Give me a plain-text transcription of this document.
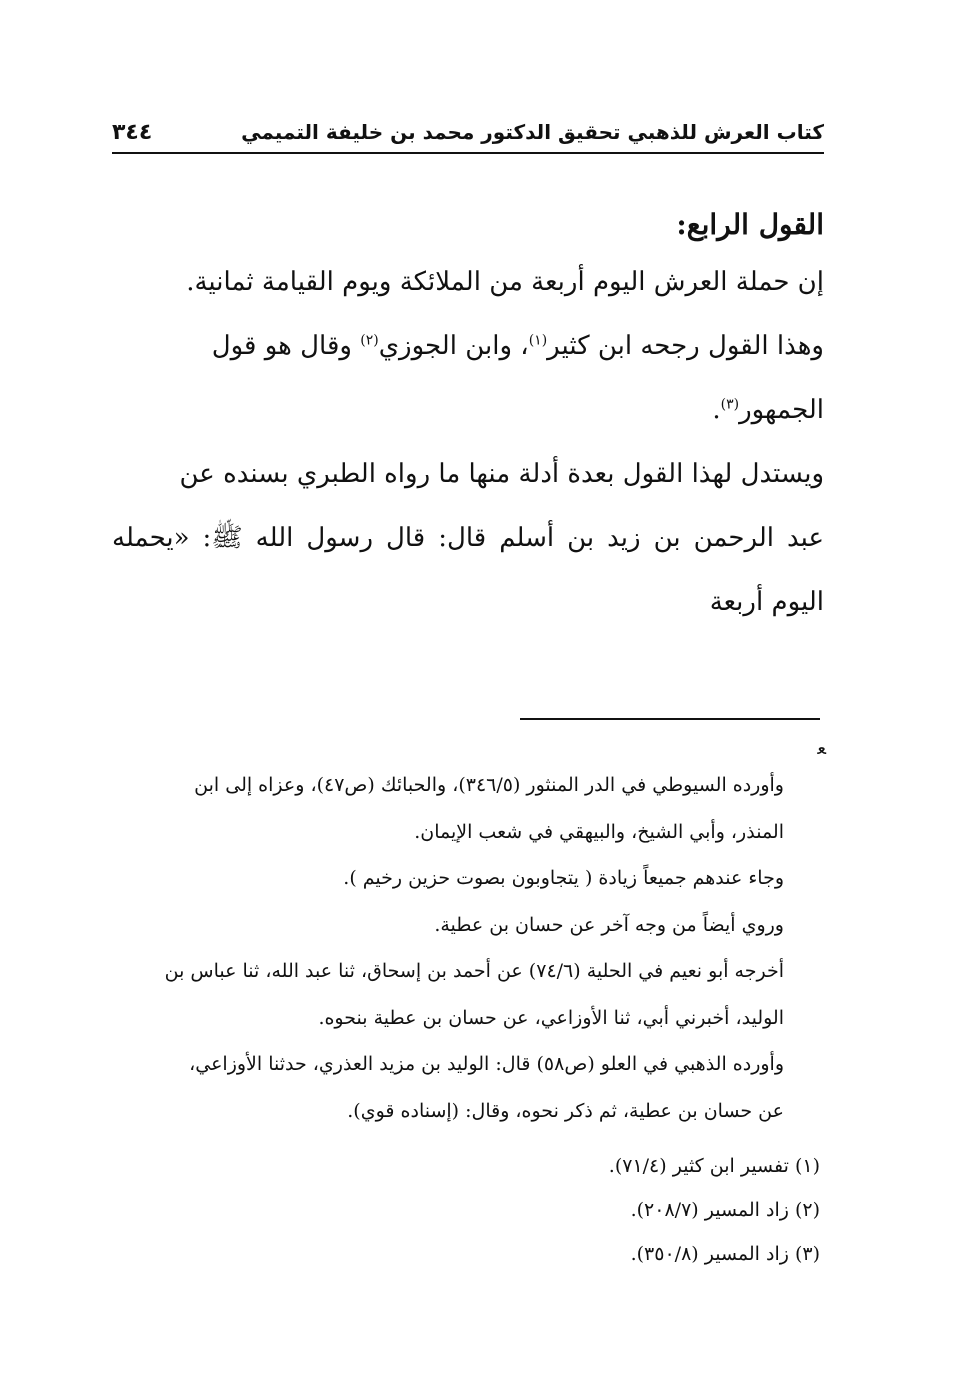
كتاب العرش للذهبي تحقيق الدكتور محمد بن خليفة التميمي
٣٤٤
القول الرابع:
إن حملة العرش اليوم أربعة من الملائكة ويوم القيامة ثمانية.
وهذا القول رجحه ابن كثير$^{(١)}$، وابن الجوزي$^{(٢)}$ وقال هو قول
الجمهور$^{(٣)}$.
ويستدل لهذا القول بعدة أدلة منها ما رواه الطبري بسنده عن
عبد الرحمن بن زيد بن أسلم قال: قال رسول الله ﷺ: «يحمله اليوم أربعة
ﻌ
وأورده السيوطي في الدر المنثور (٣٤٦/٥)، والحبائك (ص٤٧)، وعزاه إلى ابن
المنذر، وأبي الشيخ، والبيهقي في شعب الإيمان.
وجاء عندهم جميعاً زيادة ( يتجاوبون بصوت حزين رخيم ).
وروي أيضاً من وجه آخر عن حسان بن عطية.
أخرجه أبو نعيم في الحلية (٧٤/٦) عن أحمد بن إسحاق، ثنا عبد الله، ثنا عباس بن
الوليد، أخبرني أبي، ثنا الأوزاعي، عن حسان بن عطية بنحوه.
وأورده الذهبي في العلو (ص٥٨) قال: الوليد بن مزيد العذري، حدثنا الأوزاعي،
عن حسان بن عطية، ثم ذكر نحوه، وقال: (إسناده قوي).
(١) تفسير ابن كثير (٧١/٤).
(٢) زاد المسير (٢٠٨/٧).
(٣) زاد المسير (٣٥٠/٨).
